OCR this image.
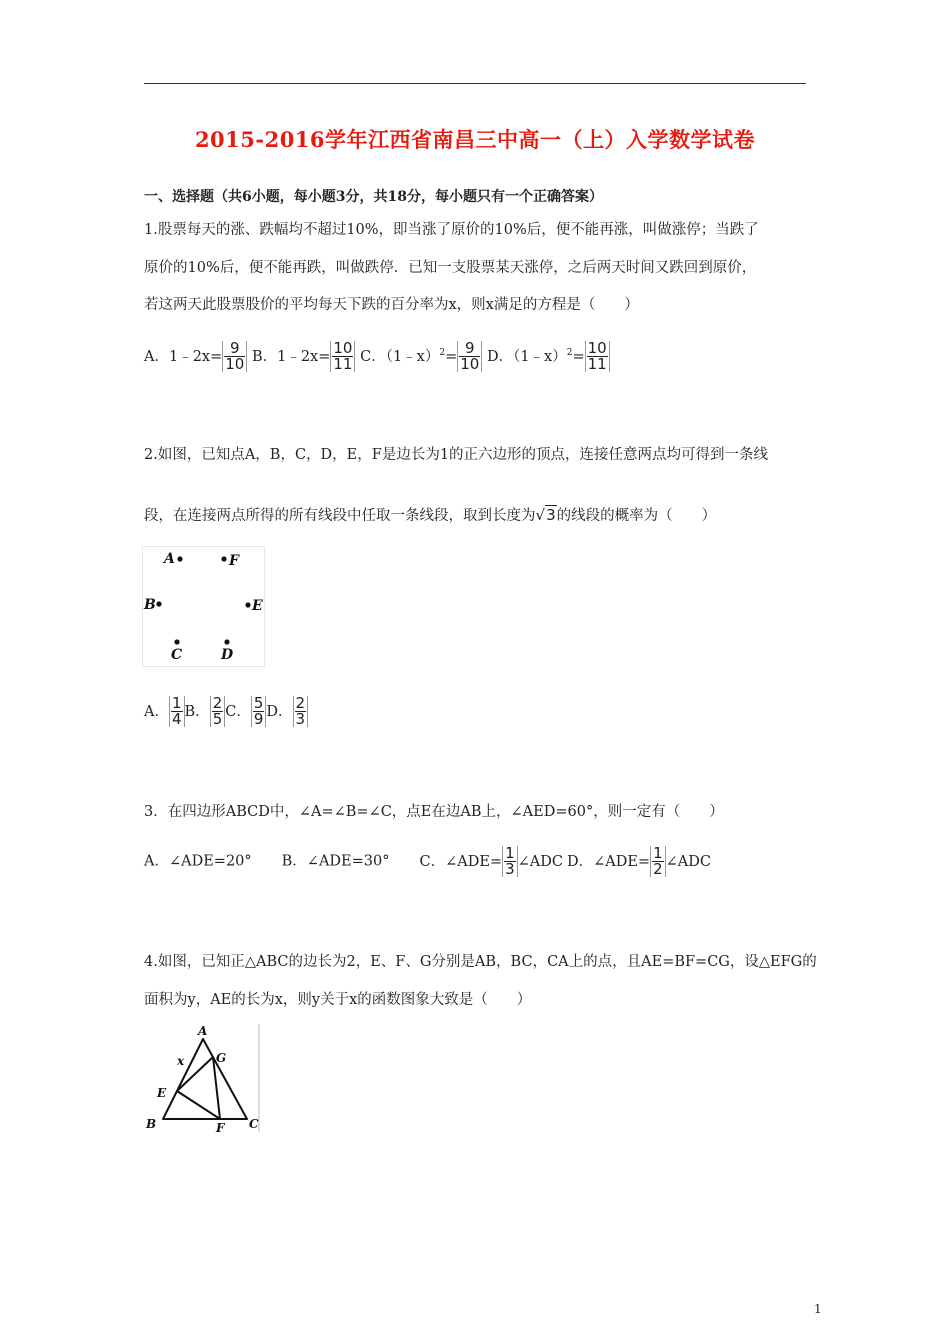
2015-2016学年江西省南昌三中高一（上）入学数学试卷
一、选择题（共6小题，每小题3分，共18分，每小题只有一个正确答案）
1.股票每天的涨、跌幅均不超过10%，即当涨了原价的10%后，便不能再涨，叫做涨停；当跌了
原价的10%后，便不能再跌，叫做跌停．已知一支股票某天涨停，之后两天时间又跌回到原价，
若这两天此股票股价的平均每天下跌的百分率为x，则x满足的方程是（　　）
A．1﹣2x= $\frac{9}{10}$ B．1﹣2x= $\frac{10}{11}$ C．（1﹣x）$^2$= $\frac{9}{10}$ D．（1﹣x）$^2$= $\frac{10}{11}$
2.如图，已知点A，B，C，D，E，F是边长为1的正六边形的顶点，连接任意两点均可得到一条线
段，在连接两点所得的所有线段中任取一条线段，取到长度为√3的线段的概率为（　　）
A	F
B	E
C	D
A． $\frac{1}{4}$ B． $\frac{2}{5}$ C． $\frac{5}{9}$ D． $\frac{2}{3}$
3．在四边形ABCD中，∠A=∠B=∠C，点E在边AB上，∠AED=60°，则一定有（　　）
A．∠ADE=20° B．∠ADE=30° C．∠ADE= $\frac{1}{3}$ ∠ADC D．∠ADE= $\frac{1}{2}$ ∠ADC
4.如图，已知正△ABC的边长为2，E、F、G分别是AB，BC，CA上的点，且AE=BF=CG，设△EFG的
面积为y，AE的长为x，则y关于x的函数图象大致是（　　）
A
x	G
E
B	F C
1
